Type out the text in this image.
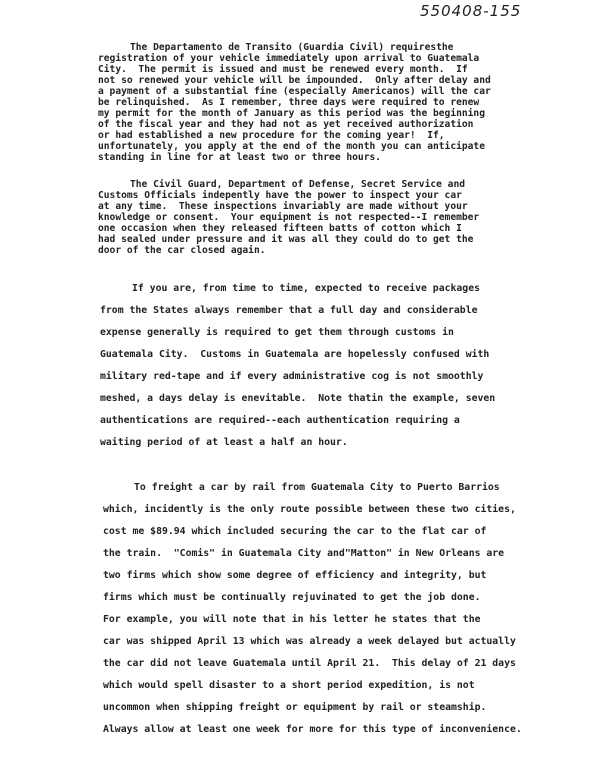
550408-155
The Departamento de Transito (Guardia Civil) requiresthe
registration of your vehicle immediately upon arrival to Guatemala
City.  The permit is issued and must be renewed every month.  If
not so renewed your vehicle will be impounded.  Only after delay and
a payment of a substantial fine (especially Americanos) will the car
be relinquished.  As I remember, three days were required to renew
my permit for the month of January as this period was the beginning
of the fiscal year and they had not as yet received authorization
or had established a new procedure for the coming year!  If,
unfortunately, you apply at the end of the month you can anticipate
standing in line for at least two or three hours.
The Civil Guard, Department of Defense, Secret Service and
Customs Officials indepently have the power to inspect your car
at any time.  These inspections invariably are made without your
knowledge or consent.  Your equipment is not respected--I remember
one occasion when they released fifteen batts of cotton which I
had sealed under pressure and it was all they could do to get the
door of the car closed again.
If you are, from time to time, expected to receive packages
from the States always remember that a full day and considerable
expense generally is required to get them through customs in
Guatemala City.  Customs in Guatemala are hopelessly confused with
military red-tape and if every administrative cog is not smoothly
meshed, a days delay is enevitable.  Note thatin the example, seven
authentications are required--each authentication requiring a
waiting period of at least a half an hour.
To freight a car by rail from Guatemala City to Puerto Barrios
which, incidently is the only route possible between these two cities,
cost me $89.94 which included securing the car to the flat car of
the train.  "Comis" in Guatemala City and"Matton" in New Orleans are
two firms which show some degree of efficiency and integrity, but
firms which must be continually rejuvinated to get the job done.
For example, you will note that in his letter he states that the
car was shipped April 13 which was already a week delayed but actually
the car did not leave Guatemala until April 21.  This delay of 21 days
which would spell disaster to a short period expedition, is not
uncommon when shipping freight or equipment by rail or steamship.
Always allow at least one week for more for this type of inconvenience.
